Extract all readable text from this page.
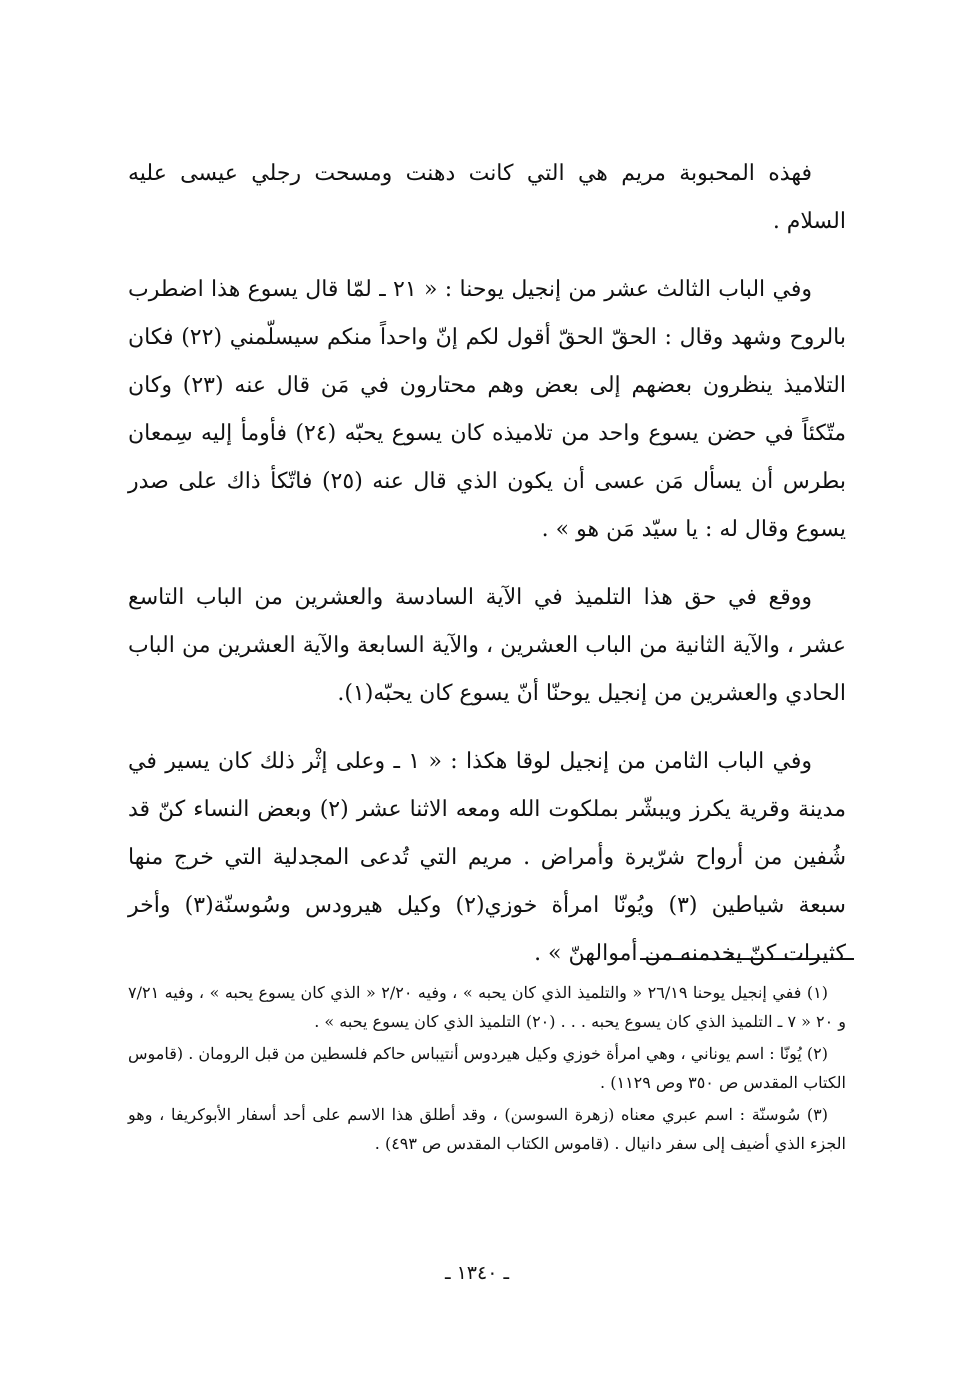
فهذه المحبوبة مريم هي التي كانت دهنت ومسحت رجلي عيسى عليه السلام .

وفي الباب الثالث عشر من إنجيل يوحنا : « ٢١ ـ لمّا قال يسوع هذا اضطرب بالروح وشهد وقال : الحقّ الحقّ أقول لكم إنّ واحداً منكم سيسلّمني (٢٢) فكان التلاميذ ينظرون بعضهم إلى بعض وهم محتارون في مَن قال عنه (٢٣) وكان متّكئاً في حضن يسوع واحد من تلاميذه كان يسوع يحبّه (٢٤) فأومأ إليه سِمعان بطرس أن يسأل مَن عسى أن يكون الذي قال عنه (٢٥) فاتّكأ ذاك على صدر يسوع وقال له : يا سيّد مَن هو » .

ووقع في حق هذا التلميذ في الآية السادسة والعشرين من الباب التاسع عشر ، والآية الثانية من الباب العشرين ، والآية السابعة والآية العشرين من الباب الحادي والعشرين من إنجيل يوحنّا أنّ يسوع كان يحبّه(١).

وفي الباب الثامن من إنجيل لوقا هكذا : « ١ ـ وعلى إثْر ذلك كان يسير في مدينة وقرية يكرز ويبشّر بملكوت الله ومعه الاثنا عشر (٢) وبعض النساء كنّ قد شُفين من أرواح شرّيرة وأمراض . مريم التي تُدعى المجدلية التي خرج منها سبعة شياطين (٣) ويُونّا امرأة خوزي(٢) وكيل هيرودس وسُوسنّة(٣) وأخر كثيرات كنّ يخدمنه من أموالهنّ » .

(١) ففي إنجيل يوحنا ٢٦/١٩ « والتلميذ الذي كان يحبه » ، وفيه ٢/٢٠ « الذي كان يسوع يحبه » ، وفيه ٧/٢١ و ٢٠ « ٧ ـ التلميذ الذي كان يسوع يحبه . . . (٢٠) التلميذ الذي كان يسوع يحبه » .

(٢) يُونّا : اسم يوناني ، وهي امرأة خوزي وكيل هيردوس أنتيباس حاكم فلسطين من قبل الرومان . (قاموس الكتاب المقدس ص ٣٥٠ وص ١١٢٩) .

(٣) سُوسنّة : اسم عبري معناه (زهرة السوسن) ، وقد أطلق هذا الاسم على أحد أسفار الأبوكريفا ، وهو الجزء الذي أضيف إلى سفر دانيال . (قاموس الكتاب المقدس ص ٤٩٣) .

ـ ١٣٤٠ ـ
